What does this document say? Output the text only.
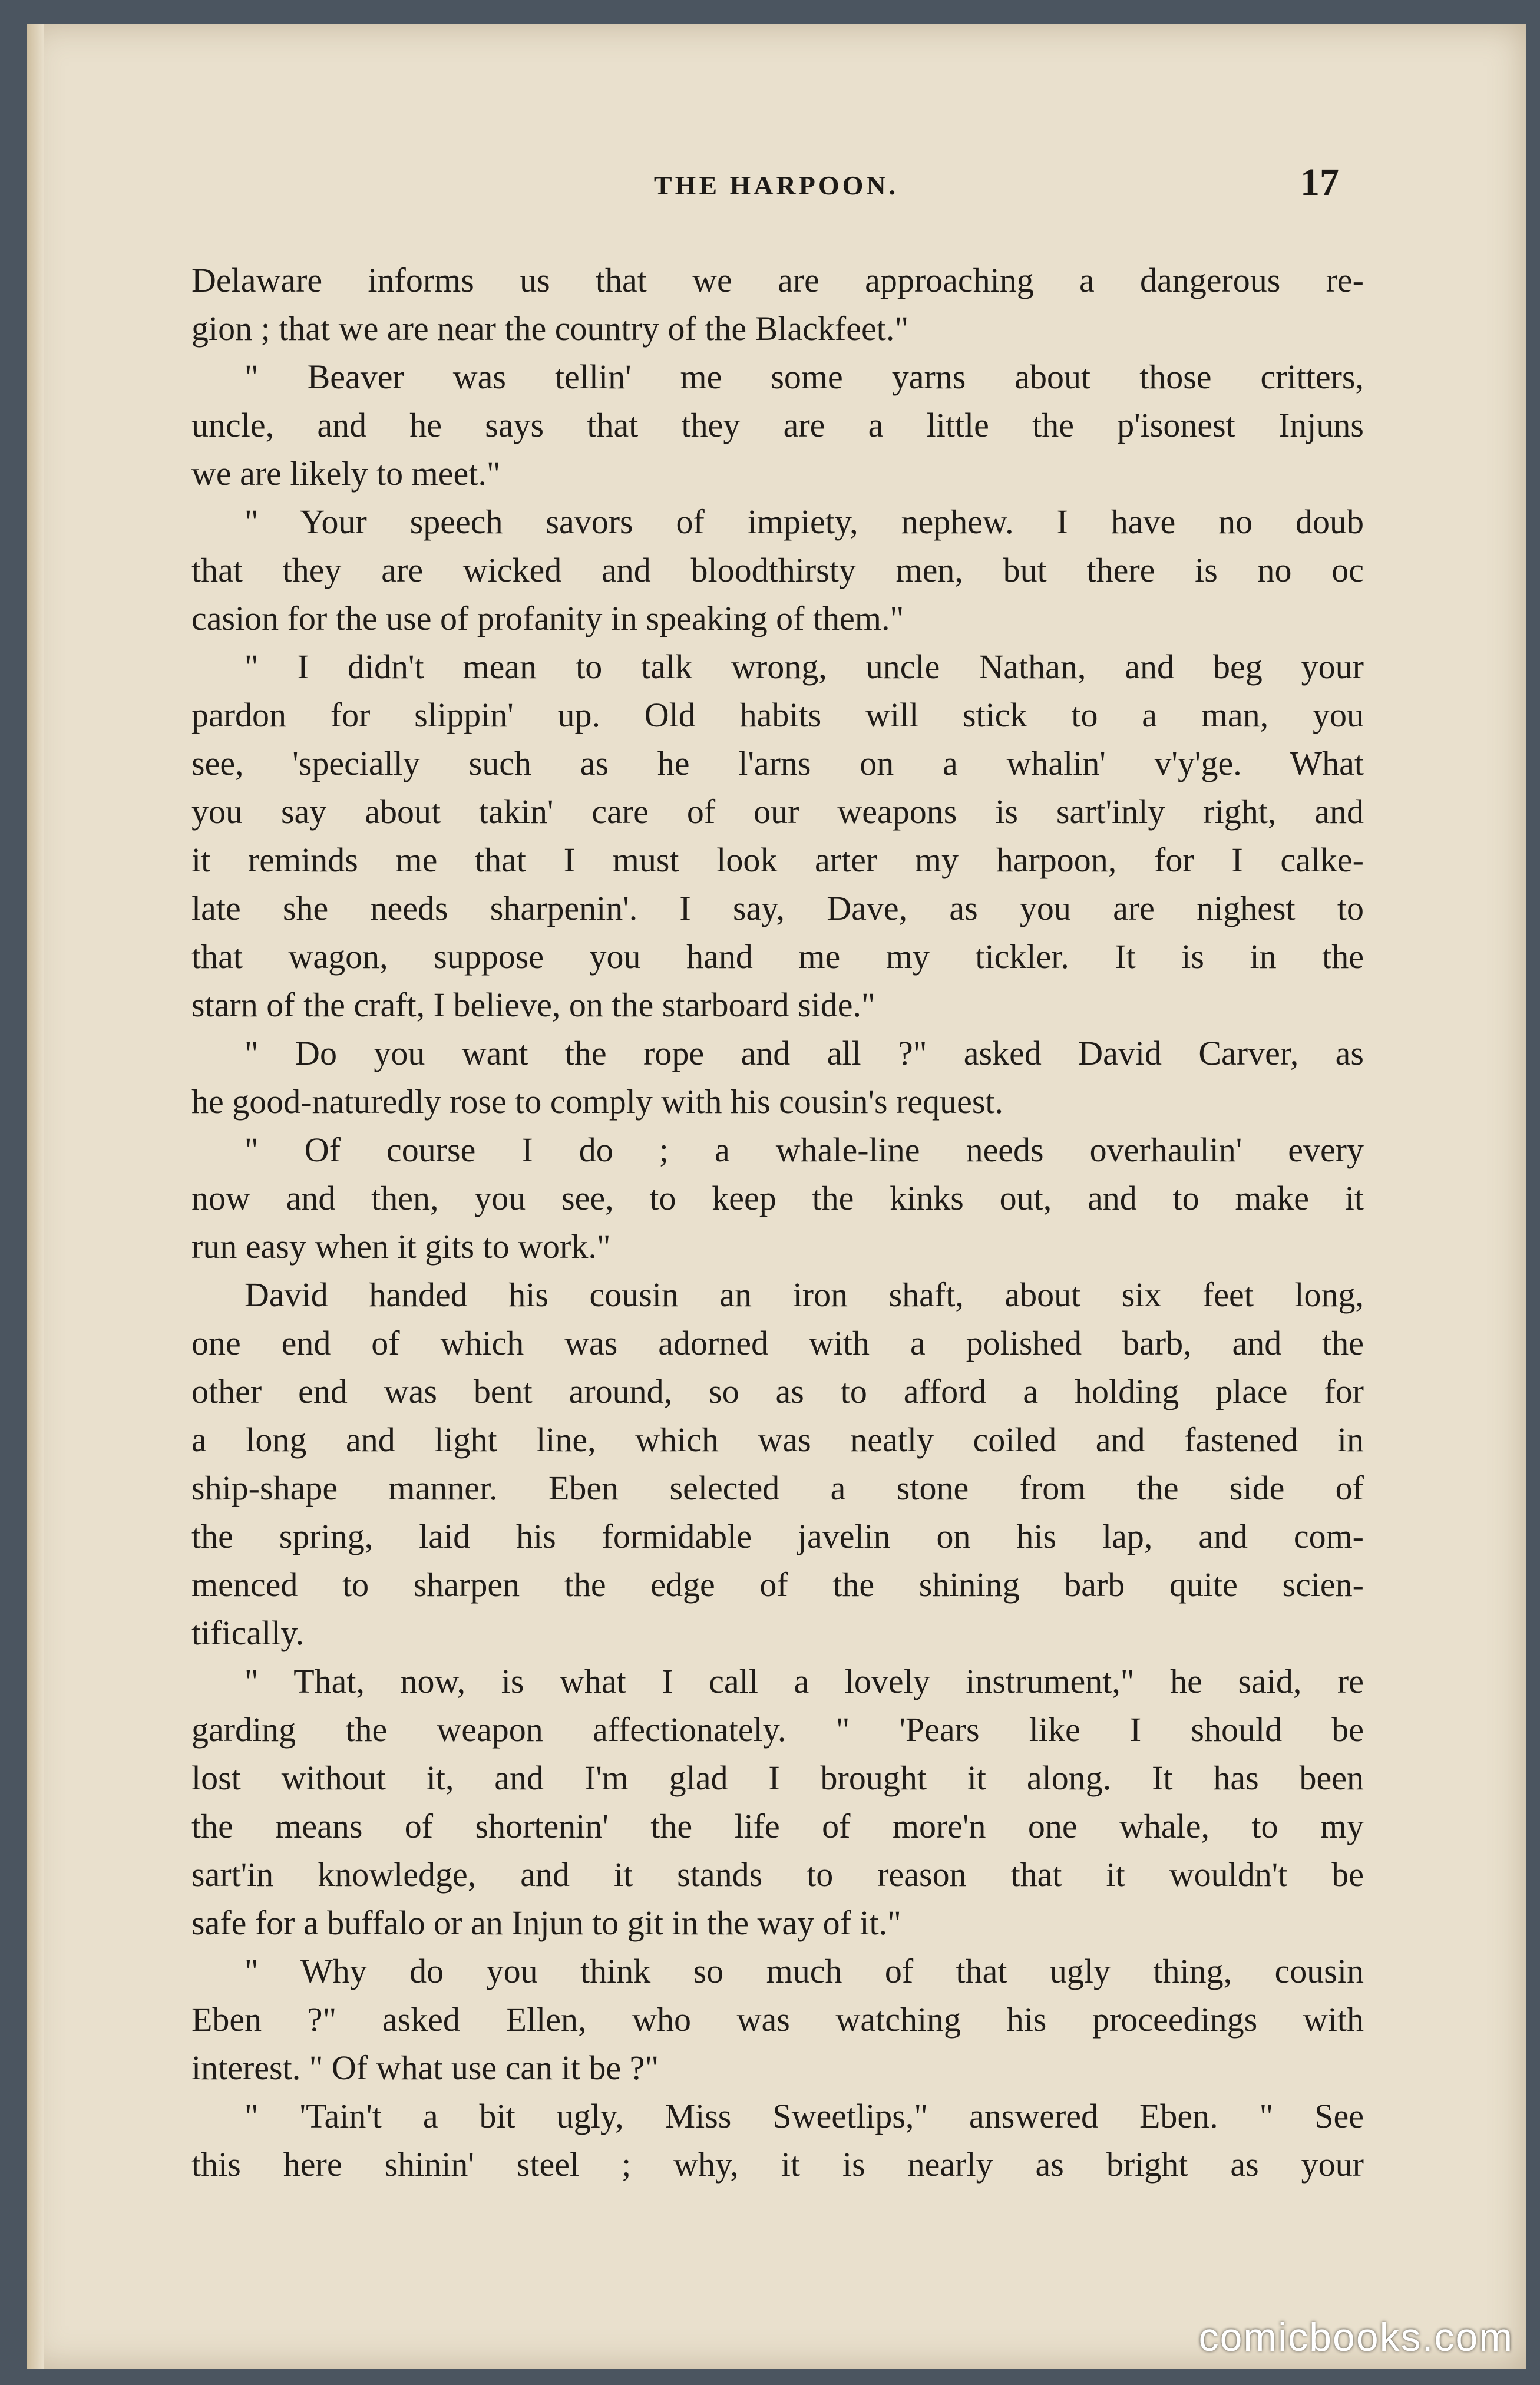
THE HARPOON.	17
Delaware informs us that we are approaching a dangerous re-
gion ; that we are near the country of the Blackfeet."
" Beaver was tellin' me some yarns about those critters,
uncle, and he says that they are a little the p'isonest Injuns
we are likely to meet."
" Your speech savors of impiety, nephew. I have no doub
that they are wicked and bloodthirsty men, but there is no oc
casion for the use of profanity in speaking of them."
" I didn't mean to talk wrong, uncle Nathan, and beg your
pardon for slippin' up. Old habits will stick to a man, you
see, 'specially such as he l'arns on a whalin' v'y'ge. What
you say about takin' care of our weapons is sart'inly right, and
it reminds me that I must look arter my harpoon, for I calke-
late she needs sharpenin'. I say, Dave, as you are nighest to
that wagon, suppose you hand me my tickler. It is in the
starn of the craft, I believe, on the starboard side."
" Do you want the rope and all ?" asked David Carver, as
he good-naturedly rose to comply with his cousin's request.
" Of course I do ; a whale-line needs overhaulin' every
now and then, you see, to keep the kinks out, and to make it
run easy when it gits to work."
David handed his cousin an iron shaft, about six feet long,
one end of which was adorned with a polished barb, and the
other end was bent around, so as to afford a holding place for
a long and light line, which was neatly coiled and fastened in
ship-shape manner. Eben selected a stone from the side of
the spring, laid his formidable javelin on his lap, and com-
menced to sharpen the edge of the shining barb quite scien-
tifically.
" That, now, is what I call a lovely instrument," he said, re
garding the weapon affectionately. " 'Pears like I should be
lost without it, and I'm glad I brought it along. It has been
the means of shortenin' the life of more'n one whale, to my
sart'in knowledge, and it stands to reason that it wouldn't be
safe for a buffalo or an Injun to git in the way of it."
" Why do you think so much of that ugly thing, cousin
Eben ?" asked Ellen, who was watching his proceedings with
interest. " Of what use can it be ?"
" 'Tain't a bit ugly, Miss Sweetlips," answered Eben. " See
this here shinin' steel ; why, it is nearly as bright as your
comicbooks.com
